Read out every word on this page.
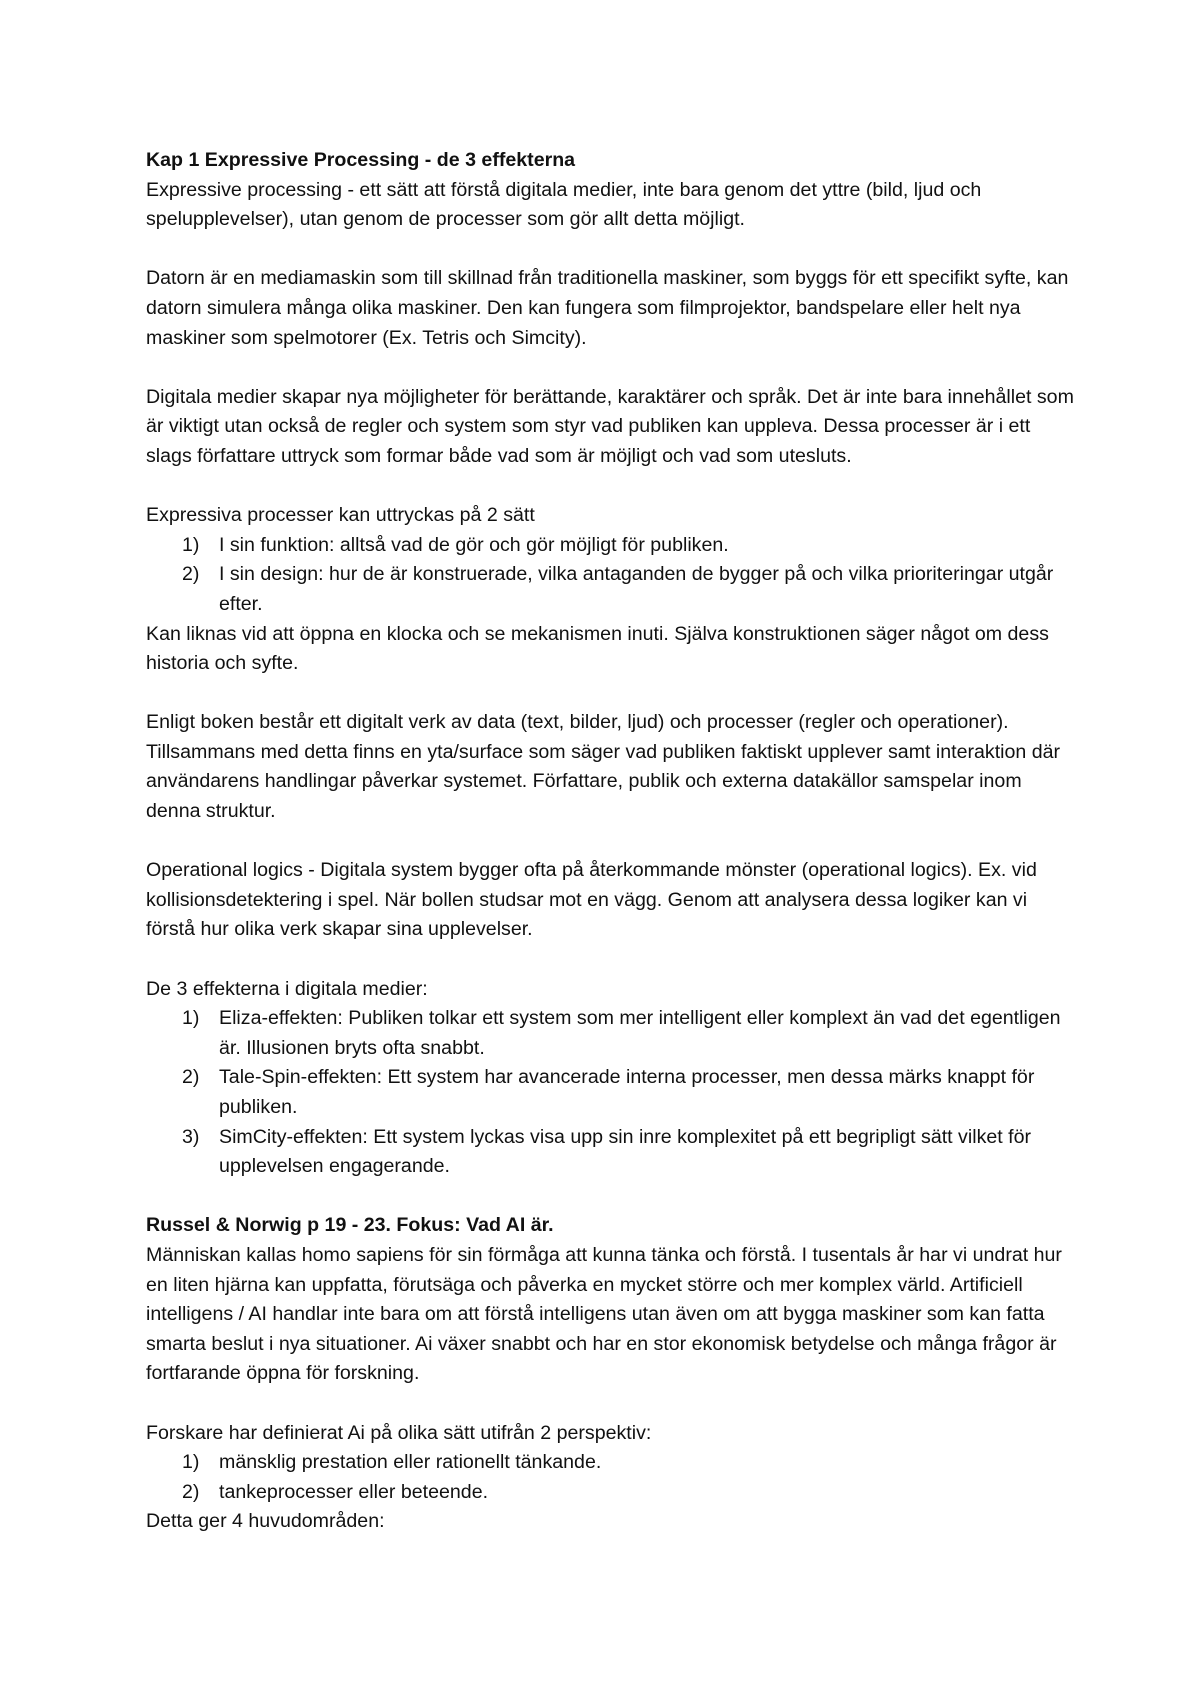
Kap 1 Expressive Processing - de 3 effekterna

Expressive processing - ett sätt att förstå digitala medier, inte bara genom det yttre (bild, ljud och spelupplevelser), utan genom de processer som gör allt detta möjligt.

Datorn är en mediamaskin som till skillnad från traditionella maskiner, som byggs för ett specifikt syfte, kan datorn simulera många olika maskiner. Den kan fungera som filmprojektor, bandspelare eller helt nya maskiner som spelmotorer (Ex. Tetris och Simcity).

Digitala medier skapar nya möjligheter för berättande, karaktärer och språk. Det är inte bara innehållet som är viktigt utan också de regler och system som styr vad publiken kan uppleva. Dessa processer är i ett slags författare uttryck som formar både vad som är möjligt och vad som utesluts.

Expressiva processer kan uttryckas på 2 sätt

1) I sin funktion: alltså vad de gör och gör möjligt för publiken.
2) I sin design: hur de är konstruerade, vilka antaganden de bygger på och vilka prioriteringar utgår efter.

Kan liknas vid att öppna en klocka och se mekanismen inuti. Själva konstruktionen säger något om dess historia och syfte.

Enligt boken består ett digitalt verk av data (text, bilder, ljud) och processer (regler och operationer). Tillsammans med detta finns en yta/surface som säger vad publiken faktiskt upplever samt interaktion där användarens handlingar påverkar systemet. Författare, publik och externa datakällor samspelar inom denna struktur.

Operational logics - Digitala system bygger ofta på återkommande mönster (operational logics). Ex. vid kollisionsdetektering i spel. När bollen studsar mot en vägg. Genom att analysera dessa logiker kan vi förstå hur olika verk skapar sina upplevelser.

De 3 effekterna i digitala medier:

1) Eliza-effekten: Publiken tolkar ett system som mer intelligent eller komplext än vad det egentligen är. Illusionen bryts ofta snabbt.
2) Tale-Spin-effekten: Ett system har avancerade interna processer, men dessa märks knappt för publiken.
3) SimCity-effekten: Ett system lyckas visa upp sin inre komplexitet på ett begripligt sätt vilket för upplevelsen engagerande.

Russel & Norwig p 19 - 23. Fokus: Vad AI är.

Människan kallas homo sapiens för sin förmåga att kunna tänka och förstå. I tusentals år har vi undrat hur en liten hjärna kan uppfatta, förutsäga och påverka en mycket större och mer komplex värld. Artificiell intelligens / AI handlar inte bara om att förstå intelligens utan även om att bygga maskiner som kan fatta smarta beslut i nya situationer. Ai växer snabbt och har en stor ekonomisk betydelse och många frågor är fortfarande öppna för forskning.

Forskare har definierat Ai på olika sätt utifrån 2 perspektiv:

1) mänsklig prestation eller rationellt tänkande.
2) tankeprocesser eller beteende.

Detta ger 4 huvudområden:
